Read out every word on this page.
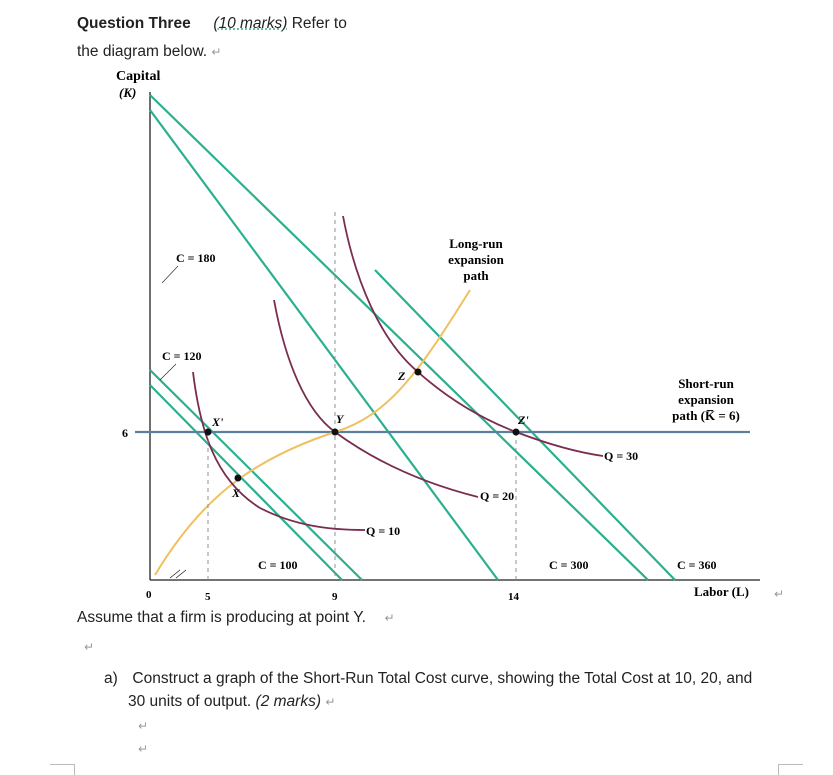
Question Three (10 marks) Refer to
the diagram below. ↵
Capital
(K)
6
0	5	9	14	Labor (L) ↵
C = 100
C = 120
C = 180
C = 300	C = 360
Q = 10
Q = 20
Q = 30
Long-run
expansion
path
Short-run
expansion
path (K̅ = 6)
X'
X
Y
Z
Z'
Assume that a firm is producing at point Y. ↵
↵
a) Construct a graph of the Short-Run Total Cost curve, showing the Total Cost at 10, 20, and
30 units of output. (2 marks) ↵
↵
↵
